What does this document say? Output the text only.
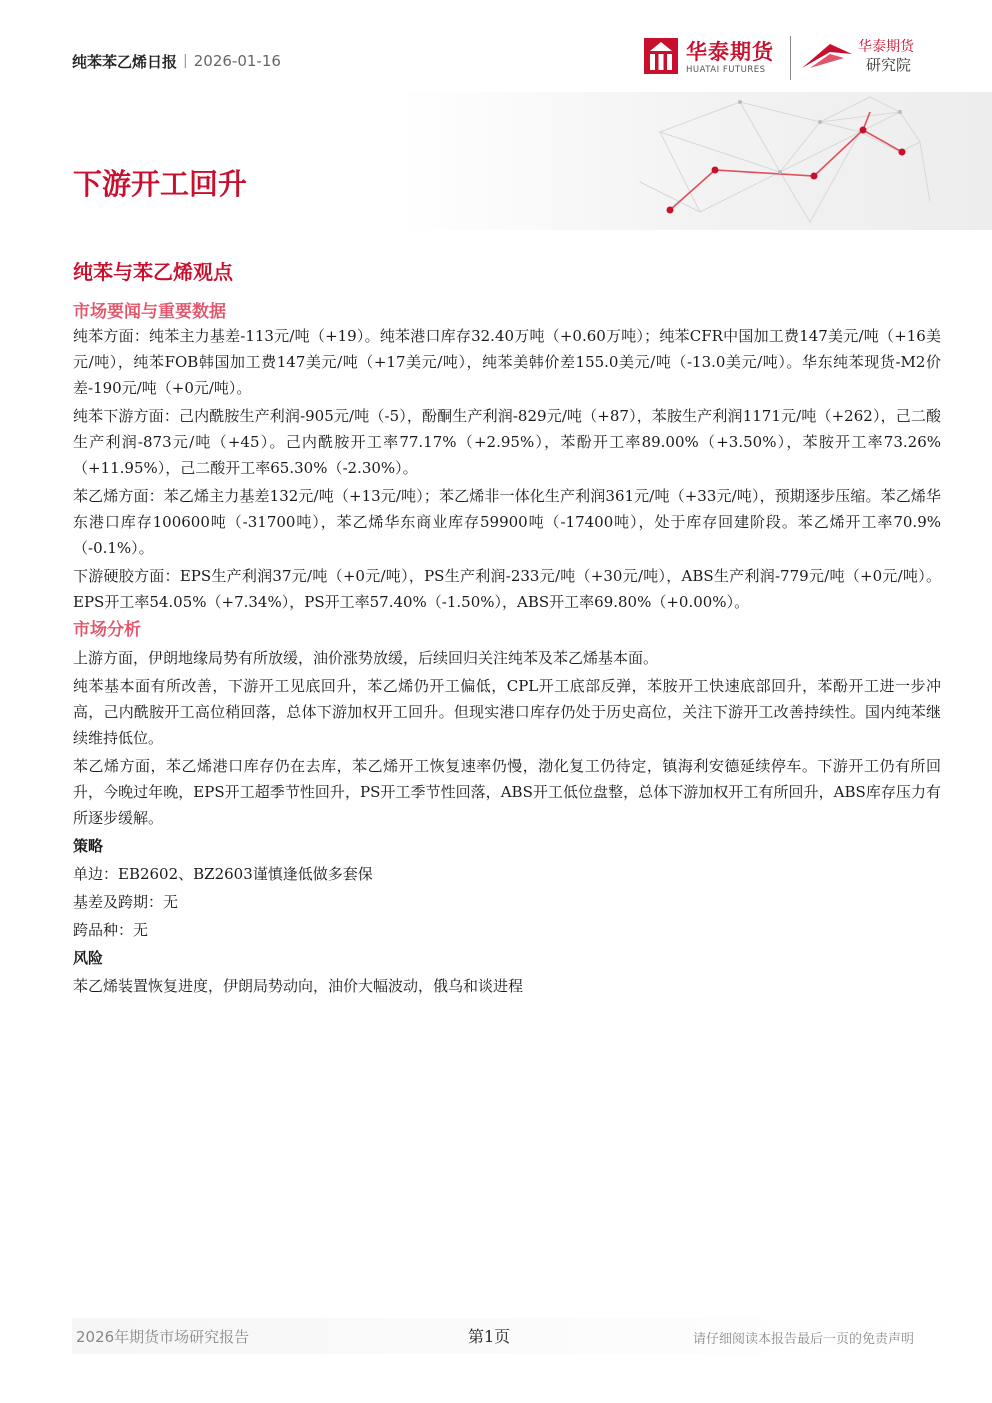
纯苯苯乙烯日报 | 2026-01-16	华泰期货
HUATAI FUTURES
华泰期货
研究院
下游开工回升
纯苯与苯乙烯观点
市场要闻与重要数据

纯苯方面：纯苯主力基差-113元/吨（+19）。纯苯港口库存32.40万吨（+0.60万吨）；纯苯CFR中国加工费147美元/吨（+16美元/吨），纯苯FOB韩国加工费147美元/吨（+17美元/吨），纯苯美韩价差155.0美元/吨（-13.0美元/吨）。华东纯苯现货-M2价差-190元/吨（+0元/吨）。

纯苯下游方面：己内酰胺生产利润-905元/吨（-5），酚酮生产利润-829元/吨（+87），苯胺生产利润1171元/吨（+262），己二酸生产利润-873元/吨（+45）。己内酰胺开工率77.17%（+2.95%），苯酚开工率89.00%（+3.50%），苯胺开工率73.26%（+11.95%），己二酸开工率65.30%（-2.30%）。

苯乙烯方面：苯乙烯主力基差132元/吨（+13元/吨）；苯乙烯非一体化生产利润361元/吨（+33元/吨），预期逐步压缩。苯乙烯华东港口库存100600吨（-31700吨），苯乙烯华东商业库存59900吨（-17400吨），处于库存回建阶段。苯乙烯开工率70.9%（-0.1%）。

下游硬胶方面：EPS生产利润37元/吨（+0元/吨），PS生产利润-233元/吨（+30元/吨），ABS生产利润-779元/吨（+0元/吨）。EPS开工率54.05%（+7.34%），PS开工率57.40%（-1.50%），ABS开工率69.80%（+0.00%）。

市场分析

上游方面，伊朗地缘局势有所放缓，油价涨势放缓，后续回归关注纯苯及苯乙烯基本面。

纯苯基本面有所改善，下游开工见底回升，苯乙烯仍开工偏低，CPL开工底部反弹，苯胺开工快速底部回升，苯酚开工进一步冲高，己内酰胺开工高位稍回落，总体下游加权开工回升。但现实港口库存仍处于历史高位，关注下游开工改善持续性。国内纯苯继续维持低位。

苯乙烯方面，苯乙烯港口库存仍在去库，苯乙烯开工恢复速率仍慢，渤化复工仍待定，镇海利安德延续停车。下游开工仍有所回升，今晚过年晚，EPS开工超季节性回升，PS开工季节性回落，ABS开工低位盘整，总体下游加权开工有所回升，ABS库存压力有所逐步缓解。

策略

单边：EB2602、BZ2603谨慎逢低做多套保

基差及跨期：无

跨品种：无

风险

苯乙烯装置恢复进度，伊朗局势动向，油价大幅波动，俄乌和谈进程

2026年期货市场研究报告	第1页	请仔细阅读本报告最后一页的免责声明
